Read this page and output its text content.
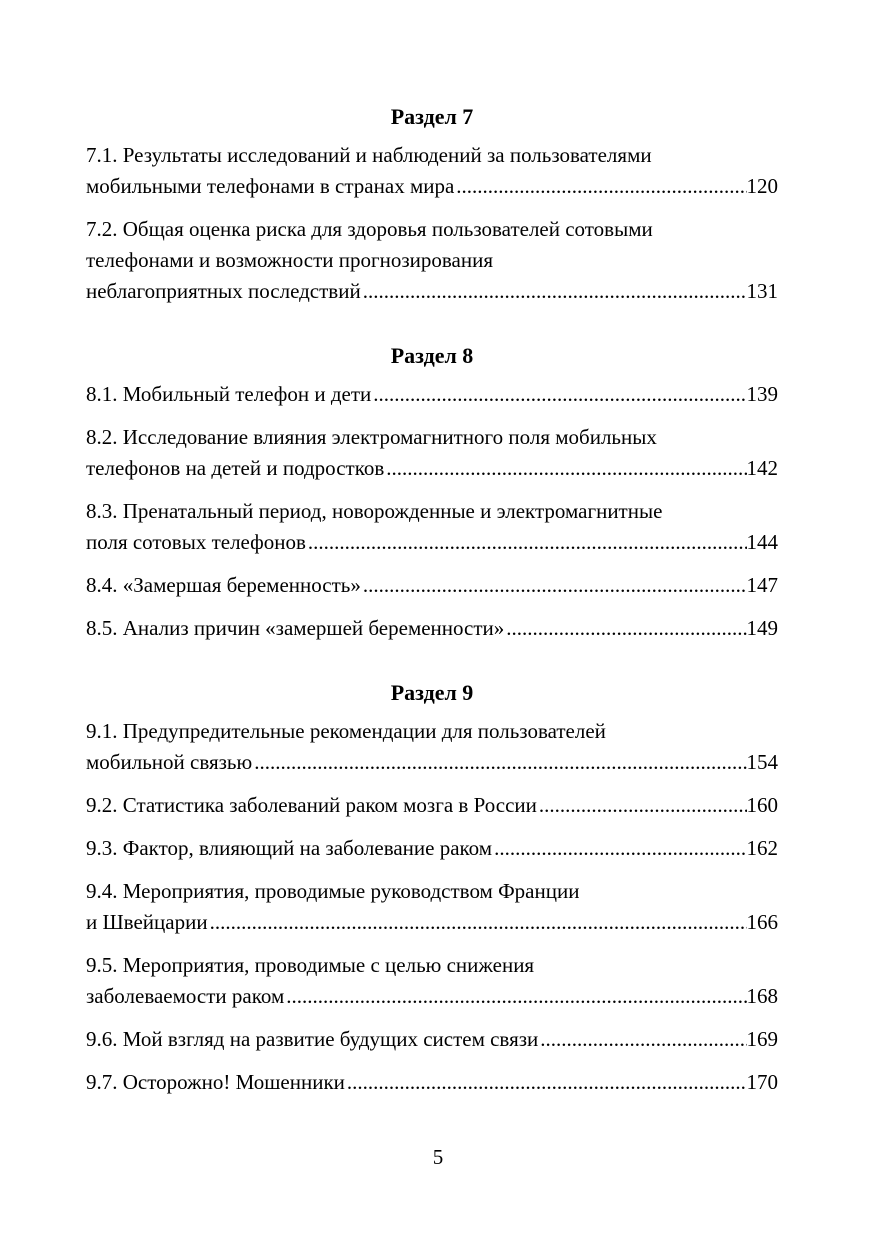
Раздел 7
7.1. Результаты исследований и наблюдений за пользователями
мобильными телефонами в странах мира .....	120
7.2. Общая оценка риска для здоровья пользователей сотовыми
телефонами и возможности прогнозирования
неблагоприятных последствий .....	131
Раздел 8
8.1. Мобильный телефон и дети .....	139
8.2. Исследование влияния электромагнитного поля мобильных
телефонов на детей и подростков .....	142
8.3. Пренатальный период, новорожденные и электромагнитные
поля сотовых телефонов .....	144
8.4. «Замершая беременность» .....	147
8.5. Анализ причин «замершей беременности» .....	149
Раздел 9
9.1. Предупредительные рекомендации для пользователей
мобильной связью .....	154
9.2. Статистика заболеваний раком мозга в России .....	160
9.3. Фактор, влияющий на заболевание раком .....	162
9.4. Мероприятия, проводимые руководством Франции
и Швейцарии .....	166
9.5. Мероприятия, проводимые с целью снижения
заболеваемости раком .....	168
9.6. Мой взгляд на развитие будущих систем связи .....	169
9.7. Осторожно! Мошенники .....	170
5
